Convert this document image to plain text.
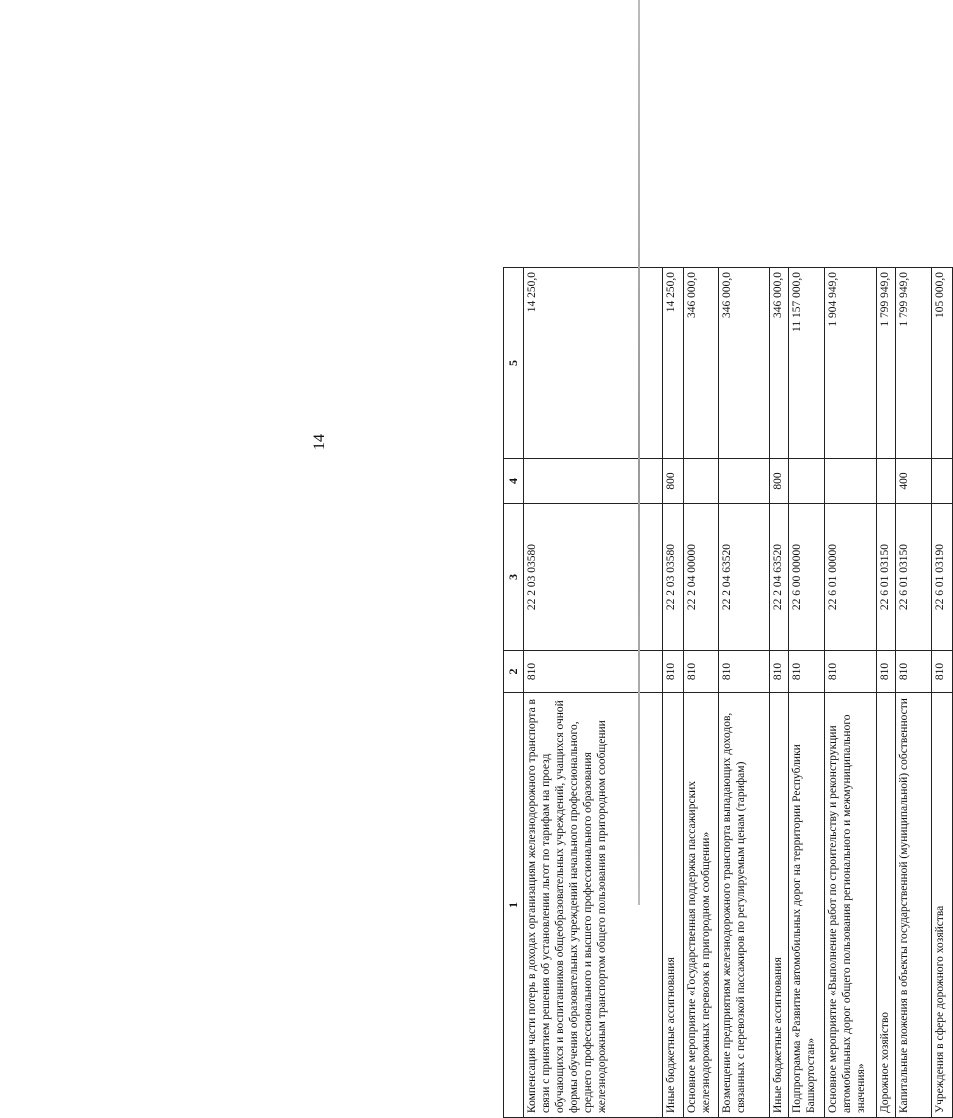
14
1	2	3	4	5
Компенсация части потерь в доходах организациям железнодорожного транспорта в связи с принятием решения об установлении льгот по тарифам на проезд обучающихся и воспитанников общеобразовательных учреждений, учащихся очной формы обучения образовательных учреждений начального профессионального, среднего профессионального и высшего профессионального образования железнодорожным транспортом общего пользования в пригородном сообщении	810	22 2 03 03580		14 250,0
Иные бюджетные ассигнования	810	22 2 03 03580	800	14 250,0
Основное мероприятие «Государственная поддержка пассажирских железнодорожных перевозок в пригородном сообщении»	810	22 2 04 00000		346 000,0
Возмещение предприятиям железнодорожного транспорта выпадающих доходов, связанных с перевозкой пассажиров по регулируемым ценам (тарифам)	810	22 2 04 63520		346 000,0
Иные бюджетные ассигнования	810	22 2 04 63520	800	346 000,0
Подпрограмма «Развитие автомобильных дорог на территории Республики Башкортостан»	810	22 6 00 00000		11 157 000,0
Основное мероприятие «Выполнение работ по строительству и реконструкции автомобильных дорог общего пользования регионального и межмуниципального значения»	810	22 6 01 00000		1 904 949,0
Дорожное хозяйство	810	22 6 01 03150		1 799 949,0
Капитальные вложения в объекты государственной (муниципальной) собственности	810	22 6 01 03150	400	1 799 949,0
Учреждения в сфере дорожного хозяйства	810	22 6 01 03190		105 000,0
